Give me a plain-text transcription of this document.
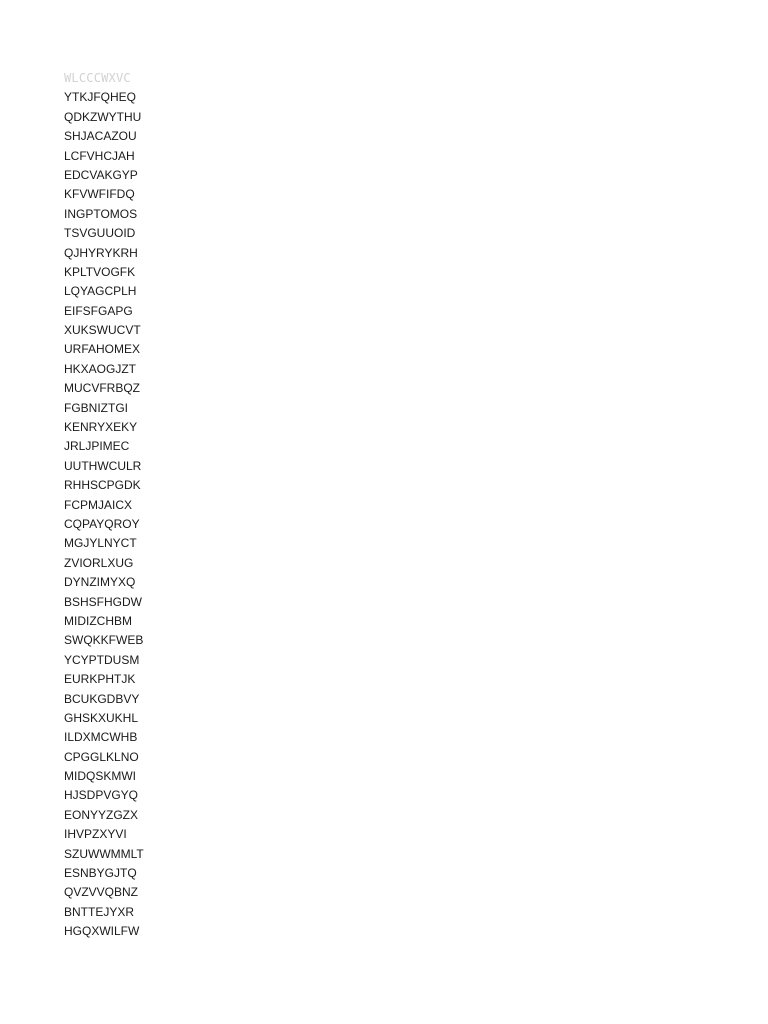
WLCCCWXVC
YTKJFQHEQ
QDKZWYTHU
SHJACAZOU
LCFVHCJAH
EDCVAKGYP
KFVWFIFDQ
INGPTOMOS
TSVGUUOID
QJHYRYKRH
KPLTVOGFK
LQYAGCPLH
EIFSFGAPG
XUKSWUCVT
URFAHOMEX
HKXAOGJZT
MUCVFRBQZ
FGBNIZTGI
KENRYXEKY
JRLJPIMEC
UUTHWCULR
RHHSCPGDK
FCPMJAICX
CQPAYQROY
MGJYLNYCT
ZVIORLXUG
DYNZIMYXQ
BSHSFHGDW
MIDIZCHBM
SWQKKFWEB
YCYPTDUSM
EURKPHTJK
BCUKGDBVY
GHSKXUKHL
ILDXMCWHB
CPGGLKLNO
MIDQSKMWI
HJSDPVGYQ
EONYYZGZX
IHVPZXYVI
SZUWWMMLT
ESNBYGJTQ
QVZVVQBNZ
BNTTEJYXR
HGQXWILFW
